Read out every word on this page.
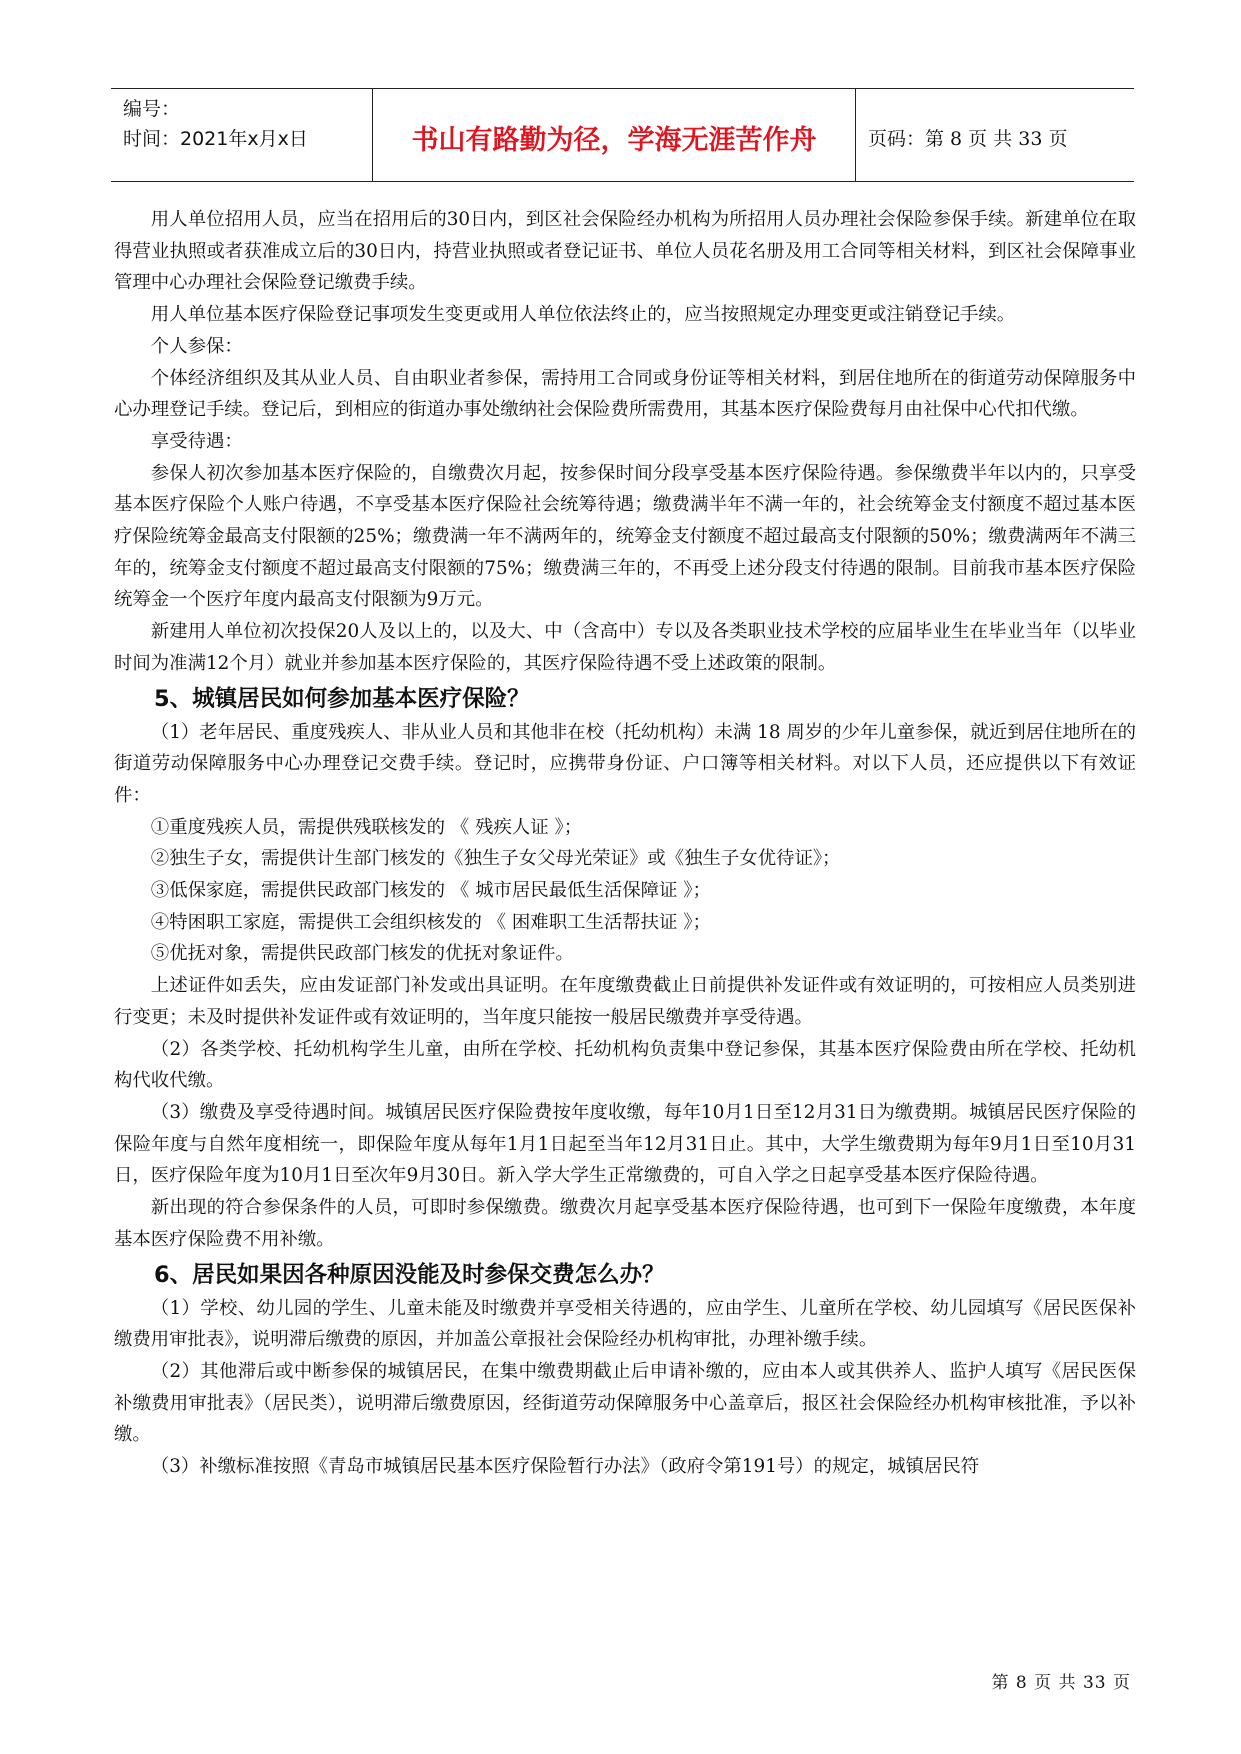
编号：
时间：2021年x月x日	书山有路勤为径，学海无涯苦作舟	页码：第 8 页 共 33 页

用人单位招用人员，应当在招用后的30日内，到区社会保险经办机构为所招用人员办理社会保险参保手续。新建单位在取得营业执照或者获准成立后的30日内，持营业执照或者登记证书、单位人员花名册及用工合同等相关材料，到区社会保障事业管理中心办理社会保险登记缴费手续。

用人单位基本医疗保险登记事项发生变更或用人单位依法终止的，应当按照规定办理变更或注销登记手续。

个人参保：

个体经济组织及其从业人员、自由职业者参保，需持用工合同或身份证等相关材料，到居住地所在的街道劳动保障服务中心办理登记手续。登记后，到相应的街道办事处缴纳社会保险费所需费用，其基本医疗保险费每月由社保中心代扣代缴。

享受待遇：

参保人初次参加基本医疗保险的，自缴费次月起，按参保时间分段享受基本医疗保险待遇。参保缴费半年以内的，只享受基本医疗保险个人账户待遇，不享受基本医疗保险社会统筹待遇；缴费满半年不满一年的，社会统筹金支付额度不超过基本医疗保险统筹金最高支付限额的25%；缴费满一年不满两年的，统筹金支付额度不超过最高支付限额的50%；缴费满两年不满三年的，统筹金支付额度不超过最高支付限额的75%；缴费满三年的，不再受上述分段支付待遇的限制。目前我市基本医疗保险统筹金一个医疗年度内最高支付限额为9万元。

新建用人单位初次投保20人及以上的，以及大、中（含高中）专以及各类职业技术学校的应届毕业生在毕业当年（以毕业时间为准满12个月）就业并参加基本医疗保险的，其医疗保险待遇不受上述政策的限制。

5、城镇居民如何参加基本医疗保险？

（1）老年居民、重度残疾人、非从业人员和其他非在校（托幼机构）未满 18 周岁的少年儿童参保，就近到居住地所在的街道劳动保障服务中心办理登记交费手续。登记时，应携带身份证、户口簿等相关材料。对以下人员，还应提供以下有效证件：

①重度残疾人员，需提供残联核发的 《 残疾人证 》；

②独生子女，需提供计生部门核发的《独生子女父母光荣证》或《独生子女优待证》；

③低保家庭，需提供民政部门核发的 《 城市居民最低生活保障证 》；

④特困职工家庭，需提供工会组织核发的 《 困难职工生活帮扶证 》；

⑤优抚对象，需提供民政部门核发的优抚对象证件。

上述证件如丢失，应由发证部门补发或出具证明。在年度缴费截止日前提供补发证件或有效证明的，可按相应人员类别进行变更；未及时提供补发证件或有效证明的，当年度只能按一般居民缴费并享受待遇。

（2）各类学校、托幼机构学生儿童，由所在学校、托幼机构负责集中登记参保，其基本医疗保险费由所在学校、托幼机构代收代缴。

（3）缴费及享受待遇时间。城镇居民医疗保险费按年度收缴，每年10月1日至12月31日为缴费期。城镇居民医疗保险的保险年度与自然年度相统一，即保险年度从每年1月1日起至当年12月31日止。其中，大学生缴费期为每年9月1日至10月31日，医疗保险年度为10月1日至次年9月30日。新入学大学生正常缴费的，可自入学之日起享受基本医疗保险待遇。

新出现的符合参保条件的人员，可即时参保缴费。缴费次月起享受基本医疗保险待遇，也可到下一保险年度缴费，本年度基本医疗保险费不用补缴。

6、居民如果因各种原因没能及时参保交费怎么办？

（1）学校、幼儿园的学生、儿童未能及时缴费并享受相关待遇的，应由学生、儿童所在学校、幼儿园填写《居民医保补缴费用审批表》，说明滞后缴费的原因，并加盖公章报社会保险经办机构审批，办理补缴手续。

（2）其他滞后或中断参保的城镇居民，在集中缴费期截止后申请补缴的，应由本人或其供养人、监护人填写《居民医保补缴费用审批表》（居民类），说明滞后缴费原因，经街道劳动保障服务中心盖章后，报区社会保险经办机构审核批准，予以补缴。

（3）补缴标准按照《青岛市城镇居民基本医疗保险暂行办法》（政府令第191号）的规定，城镇居民符

第 8 页 共 33 页
